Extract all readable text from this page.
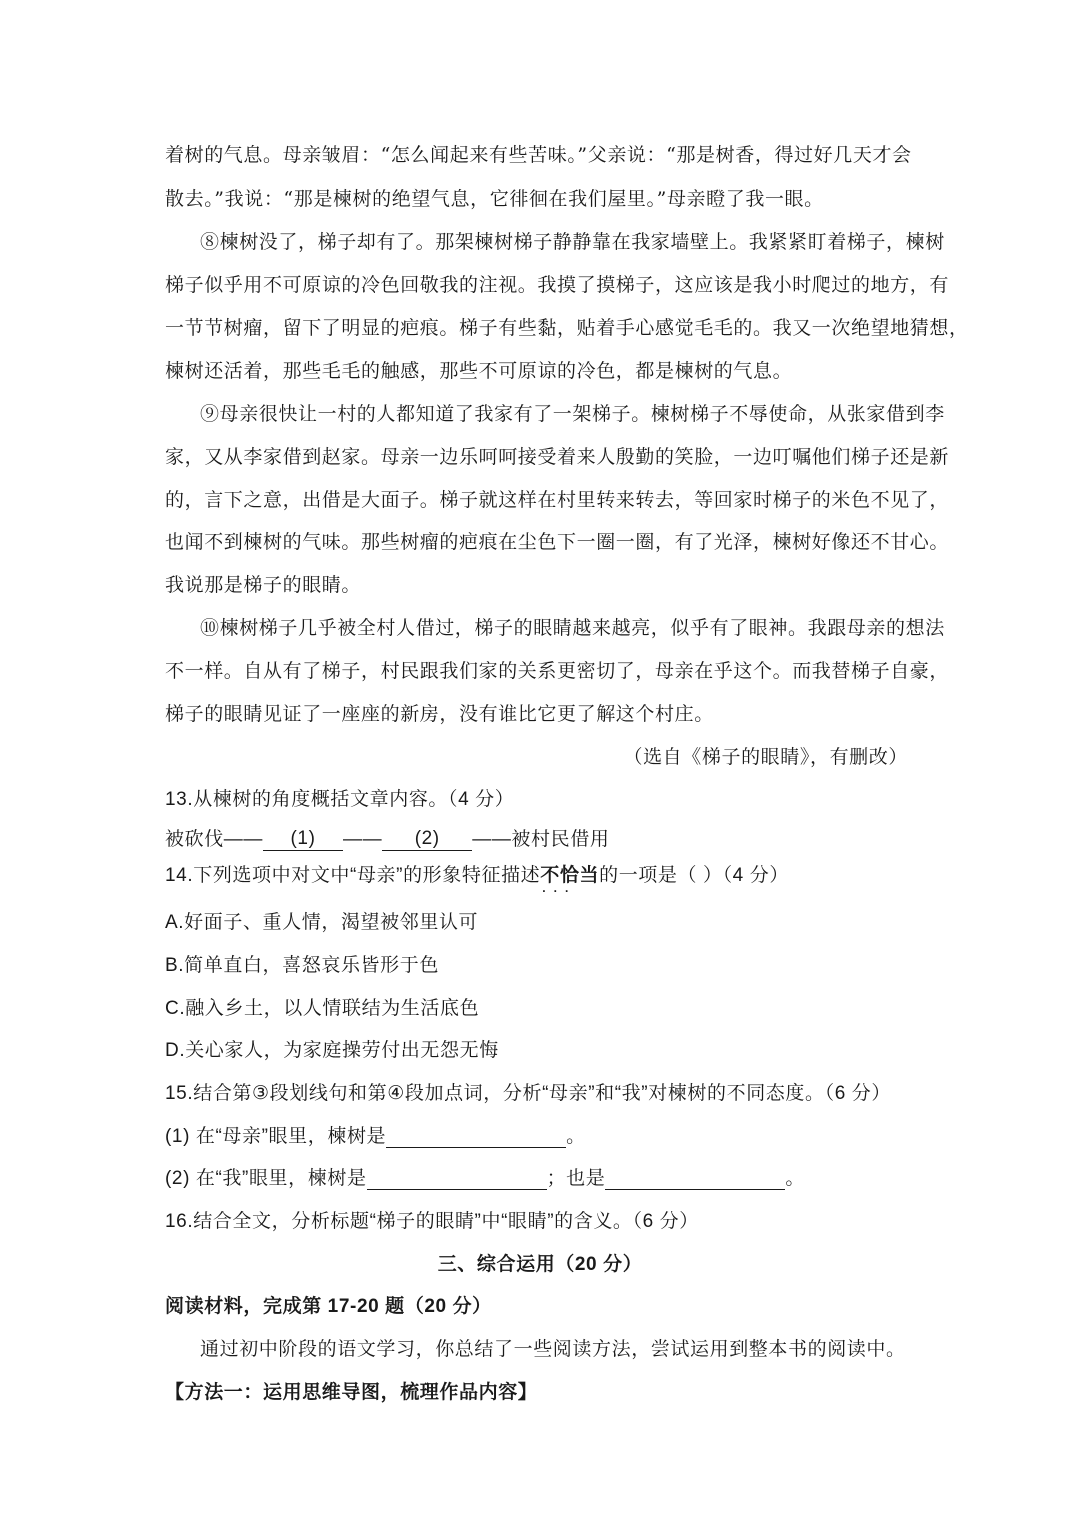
着树的气息。母亲皱眉：“怎么闻起来有些苦味。”父亲说：“那是树香，得过好几天才会
散去。”我说：“那是楝树的绝望气息，它徘徊在我们屋里。”母亲瞪了我一眼。
⑧楝树没了，梯子却有了。那架楝树梯子静静靠在我家墙壁上。我紧紧盯着梯子，楝树
梯子似乎用不可原谅的冷色回敬我的注视。我摸了摸梯子，这应该是我小时爬过的地方，有
一节节树瘤，留下了明显的疤痕。梯子有些黏，贴着手心感觉毛毛的。我又一次绝望地猜想，
楝树还活着，那些毛毛的触感，那些不可原谅的冷色，都是楝树的气息。
⑨母亲很快让一村的人都知道了我家有了一架梯子。楝树梯子不辱使命，从张家借到李
家，又从李家借到赵家。母亲一边乐呵呵接受着来人殷勤的笑脸，一边叮嘱他们梯子还是新
的，言下之意，出借是大面子。梯子就这样在村里转来转去，等回家时梯子的米色不见了，
也闻不到楝树的气味。那些树瘤的疤痕在尘色下一圈一圈，有了光泽，楝树好像还不甘心。
我说那是梯子的眼睛。
⑩楝树梯子几乎被全村人借过，梯子的眼睛越来越亮，似乎有了眼神。我跟母亲的想法
不一样。自从有了梯子，村民跟我们家的关系更密切了，母亲在乎这个。而我替梯子自豪，
梯子的眼睛见证了一座座的新房，没有谁比它更了解这个村庄。
（选自《梯子的眼睛》，有删改）
13.从楝树的角度概括文章内容。（4 分）
被砍伐—— (1) —— (2) ——被村民借用
14.下列选项中对文中“母亲”的形象特征描述不恰当 · · ·的一项是（ ）（4 分）
A.好面子、重人情，渴望被邻里认可
B.简单直白，喜怒哀乐皆形于色
C.融入乡土，以人情联结为生活底色
D.关心家人，为家庭操劳付出无怨无悔
15.结合第③段划线句和第④段加点词，分析“母亲”和“我”对楝树的不同态度。（6 分）
(1) 在“母亲”眼里，楝树是	。
(2) 在“我”眼里，楝树是	；也是	。
16.结合全文，分析标题“梯子的眼睛”中“眼睛”的含义。（6 分）
三、综合运用（20 分）
阅读材料，完成第 17-20 题（20 分）
通过初中阶段的语文学习，你总结了一些阅读方法，尝试运用到整本书的阅读中。
【方法一：运用思维导图，梳理作品内容】
